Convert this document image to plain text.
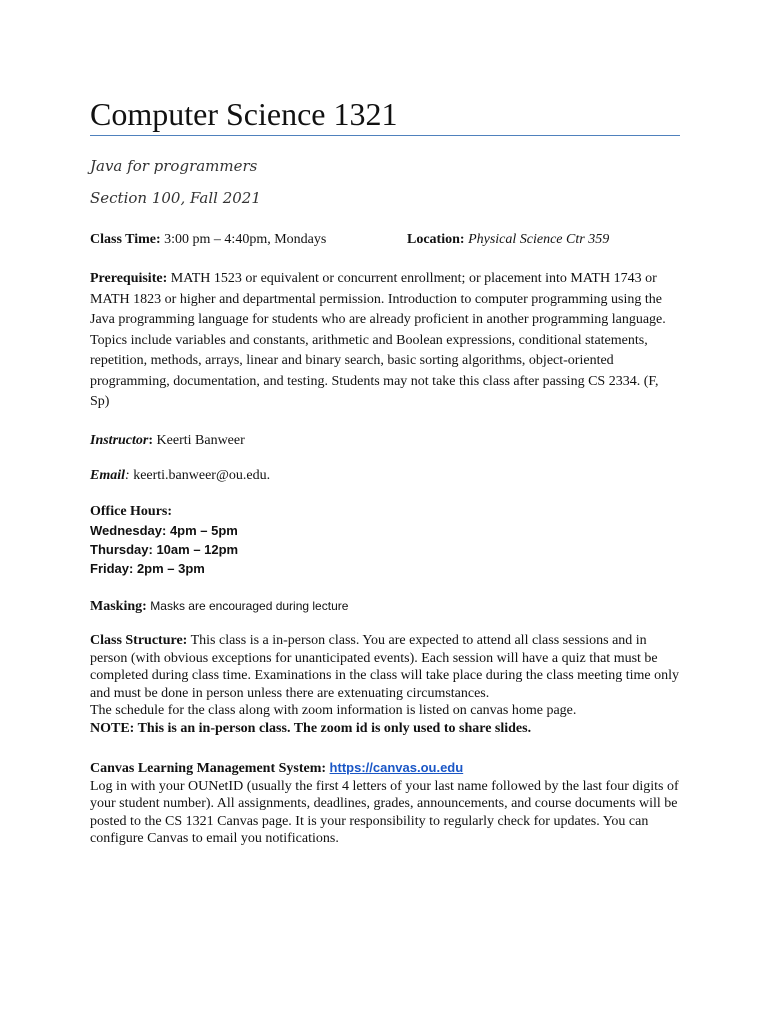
Computer Science 1321

Java for programmers

Section 100, Fall 2021

Class Time: 3:00 pm – 4:40pm, Mondays	Location: Physical Science Ctr 359

Prerequisite: MATH 1523 or equivalent or concurrent enrollment; or placement into MATH 1743 or MATH 1823 or higher and departmental permission. Introduction to computer programming using the Java programming language for students who are already proficient in another programming language. Topics include variables and constants, arithmetic and Boolean expressions, conditional statements, repetition, methods, arrays, linear and binary search, basic sorting algorithms, object-oriented programming, documentation, and testing. Students may not take this class after passing CS 2334. (F, Sp)

Instructor: Keerti Banweer

Email: keerti.banweer@ou.edu.

Office Hours:
Wednesday: 4pm – 5pm
Thursday: 10am – 12pm
Friday: 2pm – 3pm

Masking: Masks are encouraged during lecture

Class Structure: This class is a in-person class. You are expected to attend all class sessions and in person (with obvious exceptions for unanticipated events). Each session will have a quiz that must be completed during class time. Examinations in the class will take place during the class meeting time only and must be done in person unless there are extenuating circumstances.
The schedule for the class along with zoom information is listed on canvas home page.
NOTE: This is an in-person class. The zoom id is only used to share slides.

Canvas Learning Management System: https://canvas.ou.edu
Log in with your OUNetID (usually the first 4 letters of your last name followed by the last four digits of your student number). All assignments, deadlines, grades, announcements, and course documents will be posted to the CS 1321 Canvas page. It is your responsibility to regularly check for updates. You can configure Canvas to email you notifications.
